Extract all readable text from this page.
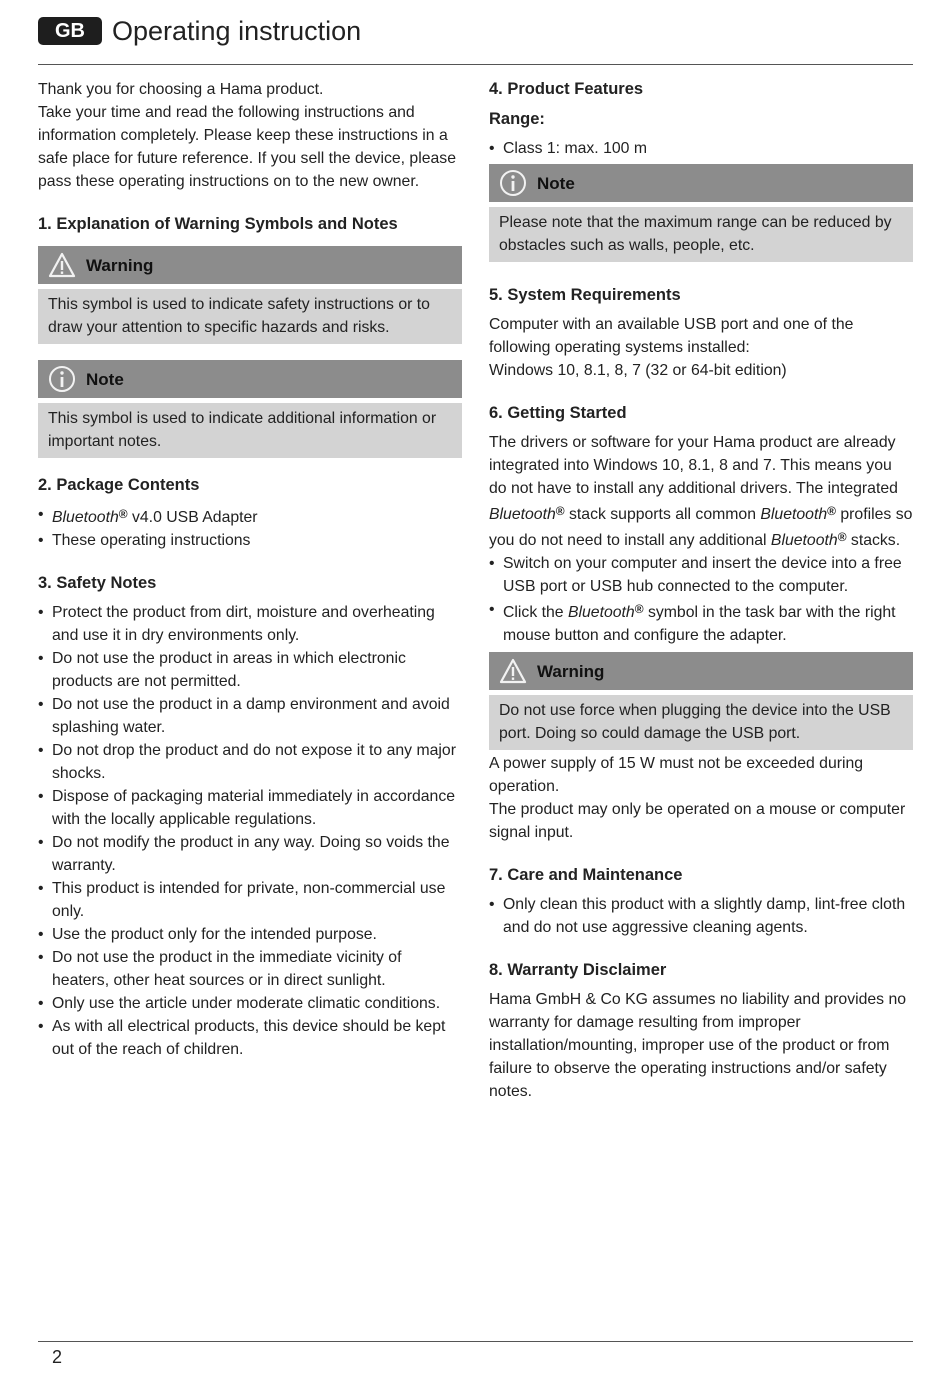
GB	Operating instruction

Thank you for choosing a Hama product.

Take your time and read the following instructions and information completely. Please keep these instructions in a safe place for future reference. If you sell the device, please pass these operating instructions on to the new owner.

1. Explanation of Warning Symbols and Notes

Warning
This symbol is used to indicate safety instructions or to draw your attention to specific hazards and risks.
Note
This symbol is used to indicate additional information or important notes.

2. Package Contents

• Bluetooth® v4.0 USB Adapter
• These operating instructions

3. Safety Notes

• Protect the product from dirt, moisture and overheating and use it in dry environments only.
• Do not use the product in areas in which electronic products are not permitted.
• Do not use the product in a damp environment and avoid splashing water.
• Do not drop the product and do not expose it to any major shocks.
• Dispose of packaging material immediately in accordance with the locally applicable regulations.
• Do not modify the product in any way. Doing so voids the warranty.
• This product is intended for private, non-commercial use only.
• Use the product only for the intended purpose.
• Do not use the product in the immediate vicinity of heaters, other heat sources or in direct sunlight.
• Only use the article under moderate climatic conditions.
• As with all electrical products, this device should be kept out of the reach of children.

4. Product Features

Range:

• Class 1: max. 100 m
Note
Please note that the maximum range can be reduced by obstacles such as walls, people, etc.

5. System Requirements

Computer with an available USB port and one of the following operating systems installed:

Windows 10, 8.1, 8, 7 (32 or 64-bit edition)

6. Getting Started

The drivers or software for your Hama product are already integrated into Windows 10, 8.1, 8 and 7. This means you do not have to install any additional drivers. The integrated Bluetooth® stack supports all common Bluetooth® profiles so you do not need to install any additional Bluetooth® stacks.

• Switch on your computer and insert the device into a free USB port or USB hub connected to the computer.
• Click the Bluetooth® symbol in the task bar with the right mouse button and configure the adapter.
Warning
Do not use force when plugging the device into the USB port. Doing so could damage the USB port.

A power supply of 15 W must not be exceeded during operation.

The product may only be operated on a mouse or computer signal input.

7. Care and Maintenance

• Only clean this product with a slightly damp, lint-free cloth and do not use aggressive cleaning agents.

8. Warranty Disclaimer

Hama GmbH & Co KG assumes no liability and provides no warranty for damage resulting from improper installation/mounting, improper use of the product or from failure to observe the operating instructions and/or safety notes.

2
